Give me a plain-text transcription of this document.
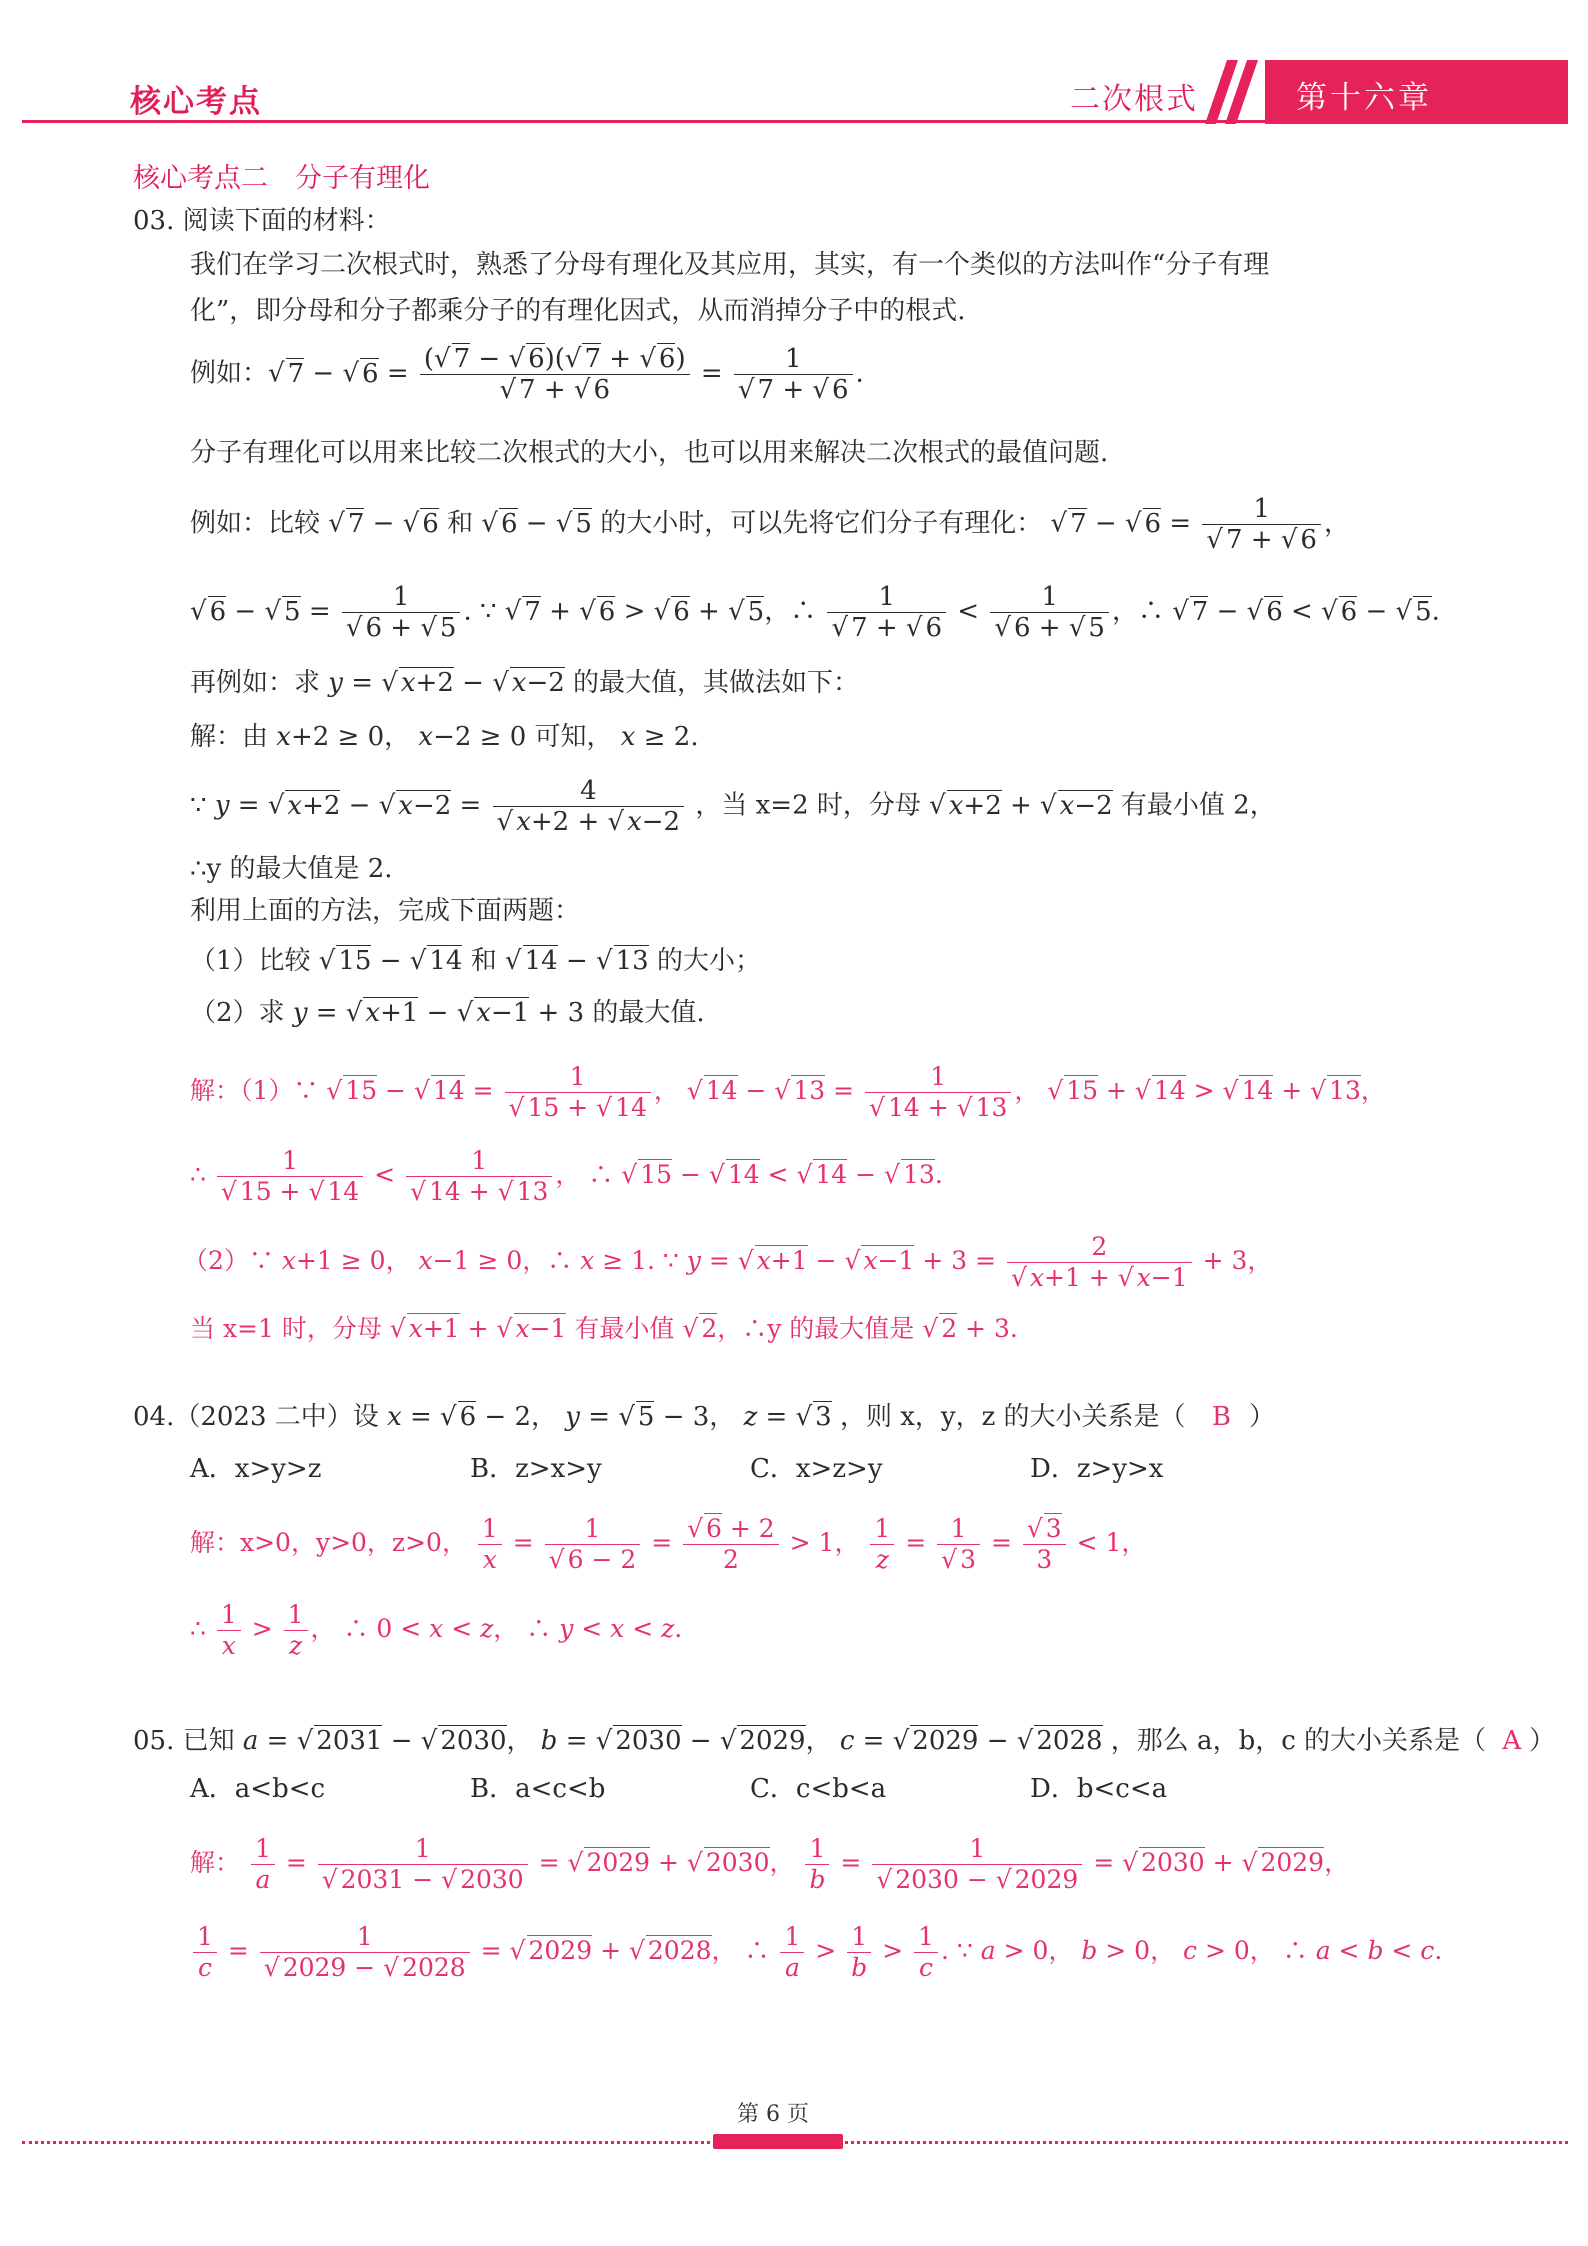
核心考点	二次根式	第十六章
核心考点二　分子有理化
03. 阅读下面的材料：
我们在学习二次根式时，熟悉了分母有理化及其应用，其实，有一个类似的方法叫作“分子有理
化”，即分母和分子都乘分子的有理化因式，从而消掉分子中的根式.
例如：√ 7 − √ $6 = \frac{(√ 7 - √ 6)(√ 7 + √ 6)}{√ 7 + √ 6} = \frac{1}{√ 7 + √ 6}$ .
分子有理化可以用来比较二次根式的大小，也可以用来解决二次根式的最值问题.
例如：比较 √ 7 − √ 6 和 √ 6 − √ 5 的大小时，可以先将它们分子有理化： √ 7 − √ $6 = \frac{1}{√ 7 + √ 6}$ ，
√ 6 − √ $5 = \frac{1}{√ 6 + √ 5}$ . ∵ √ 7 + √ 6 > √ 6 + √ 5，∴ $\frac{1}{√ 7 + √ 6} < \frac{1}{√ 6 + √ 5}$ ，∴ √ 7 − √ 6 < √ 6 − √ 5.
再例如：求 y = √ x+2 − √ x−2 的最大值，其做法如下：
解：由 x+2 ≥ 0， x−2 ≥ 0 可知， x ≥ 2.
∵ y = √ x+2 − √ $x-2 = \frac{4}{√ x+2 + √ x-2}$ ，当 x=2 时，分母 √ x+2 + √ x−2 有最小值 2，
∴y 的最大值是 2.
利用上面的方法，完成下面两题：
（1）比较 √ 15 − √ 14 和 √ 14 − √ 13 的大小；
（2）求 y = √ x+1 − √ x−1 + 3 的最大值.
解：（1）∵ √ 15 − √ $14 = \frac{1}{√ 15 + √ 14}$ ， √ 14 − √ $13 = \frac{1}{√ 14 + √ 13}$ ， √ 15 + √ 14 > √ 14 + √ 13，
∴ $\frac{1}{√ 15 + √ 14} < \frac{1}{√ 14 + √ 13}$ ， ∴ √ 15 − √ 14 < √ 14 − √ 13.
（2）∵ x+1 ≥ 0， x−1 ≥ 0，∴ x ≥ 1. ∵ y = √ x+1 − √ $x-1 + 3 = \frac{2}{√ x+1 + √ x-1} + 3$，
当 x=1 时，分母 √ x+1 + √ x−1 有最小值 √ 2，∴y 的最大值是 √ 2 + 3.
04.（2023 二中）设 x = √ 6 − 2， y = √ 5 − 3， z = √ 3 ，则 x，y，z 的大小关系是（ B ）
A．x>y>z	B．z>x>y	C．x>z>y	D．z>y>x
解：x>0，y>0，z>0， $\frac{1}{x} = \frac{1}{√ 6 - 2} = \frac{√ 6 + 2}{2} > 1$， $\frac{1}{z} = \frac{1}{√ 3} = \frac{√ 3}{3} < 1$，
∴ $\frac{1}{x} > \frac{1}{z}$ ， ∴ 0 < x < z， ∴ y < x < z.
05. 已知 a = √ 2031 − √ 2030， b = √ 2030 − √ 2029， c = √ 2029 − √ 2028 ，那么 a，b，c 的大小关系是（ A ）
A．a<b<c	B．a<c<b	C．c<b<a	D．b<c<a
解： $\frac{1}{a} = \frac{1}{√ 2031 - √ 2030}$ = √ 2029 + √ 2030， $\frac{1}{b} = \frac{1}{√ 2030 - √ 2029}$ = √ 2030 + √ 2029，
$\frac{1}{c} = \frac{1}{√ 2029 - √ 2028}$ = √ 2029 + √ 2028， ∴ $\frac{1}{a} > \frac{1}{b} > \frac{1}{c}$ . ∵ a > 0， b > 0， c > 0， ∴ a < b < c.
第 6 页
